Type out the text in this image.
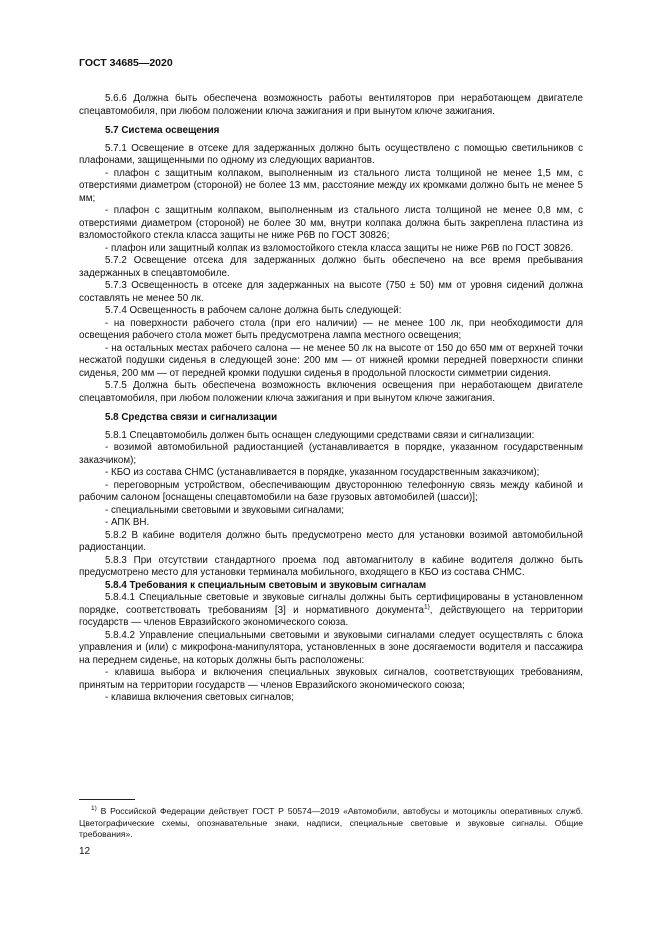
ГОСТ 34685—2020

5.6.6 Должна быть обеспечена возможность работы вентиляторов при неработающем двигателе спецавтомобиля, при любом положении ключа зажигания и при вынутом ключе зажигания.

5.7 Система освещения

5.7.1 Освещение в отсеке для задержанных должно быть осуществлено с помощью светильников с плафонами, защищенными по одному из следующих вариантов.

- плафон с защитным колпаком, выполненным из стального листа толщиной не менее 1,5 мм, с отверстиями диаметром (стороной) не более 13 мм, расстояние между их кромками должно быть не менее 5 мм;

- плафон с защитным колпаком, выполненным из стального листа толщиной не менее 0,8 мм, с отверстиями диаметром (стороной) не более 30 мм, внутри колпака должна быть закреплена пластина из взломостойкого стекла класса защиты не ниже Р6В по ГОСТ 30826;

- плафон или защитный колпак из взломостойкого стекла класса защиты не ниже Р6В по ГОСТ 30826.

5.7.2 Освещение отсека для задержанных должно быть обеспечено на все время пребывания задержанных в спецавтомобиле.

5.7.3 Освещенность в отсеке для задержанных на высоте (750 ± 50) мм от уровня сидений должна составлять не менее 50 лк.

5.7.4 Освещенность в рабочем салоне должна быть следующей:

- на поверхности рабочего стола (при его наличии) — не менее 100 лк, при необходимости для освещения рабочего стола может быть предусмотрена лампа местного освещения;

- на остальных местах рабочего салона — не менее 50 лк на высоте от 150 до 650 мм от верхней точки несжатой подушки сиденья в следующей зоне: 200 мм — от нижней кромки передней поверхности спинки сиденья, 200 мм — от передней кромки подушки сиденья в продольной плоскости симметрии сидения.

5.7.5 Должна быть обеспечена возможность включения освещения при неработающем двигателе спецавтомобиля, при любом положении ключа зажигания и при вынутом ключе зажигания.

5.8 Средства связи и сигнализации

5.8.1 Спецавтомобиль должен быть оснащен следующими средствами связи и сигнализации:

- возимой автомобильной радиостанцией (устанавливается в порядке, указанном государственным заказчиком);

- КБО из состава СНМС (устанавливается в порядке, указанном государственным заказчиком);

- переговорным устройством, обеспечивающим двустороннюю телефонную связь между кабиной и рабочим салоном [оснащены спецавтомобили на базе грузовых автомобилей (шасси)];

- специальными световыми и звуковыми сигналами;

- АПК ВН.

5.8.2 В кабине водителя должно быть предусмотрено место для установки возимой автомобильной радиостанции.

5.8.3 При отсутствии стандартного проема под автомагнитолу в кабине водителя должно быть предусмотрено место для установки терминала мобильного, входящего в КБО из состава СНМС.

5.8.4 Требования к специальным световым и звуковым сигналам

5.8.4.1 Специальные световые и звуковые сигналы должны быть сертифицированы в установленном порядке, соответствовать требованиям [3] и нормативного документа$^{1)}$, действующего на территории государств — членов Евразийского экономического союза.

5.8.4.2 Управление специальными световыми и звуковыми сигналами следует осуществлять с блока управления и (или) с микрофона-манипулятора, установленных в зоне досягаемости водителя и пассажира на переднем сиденье, на которых должны быть расположены:

- клавиша выбора и включения специальных звуковых сигналов, соответствующих требованиям, принятым на территории государств — членов Евразийского экономического союза;

- клавиша включения световых сигналов;

$^{1)}$ В Российской Федерации действует ГОСТ Р 50574—2019 «Автомобили, автобусы и мотоциклы оперативных служб. Цветографические схемы, опознавательные знаки, надписи, специальные световые и звуковые сигналы. Общие требования».

12
